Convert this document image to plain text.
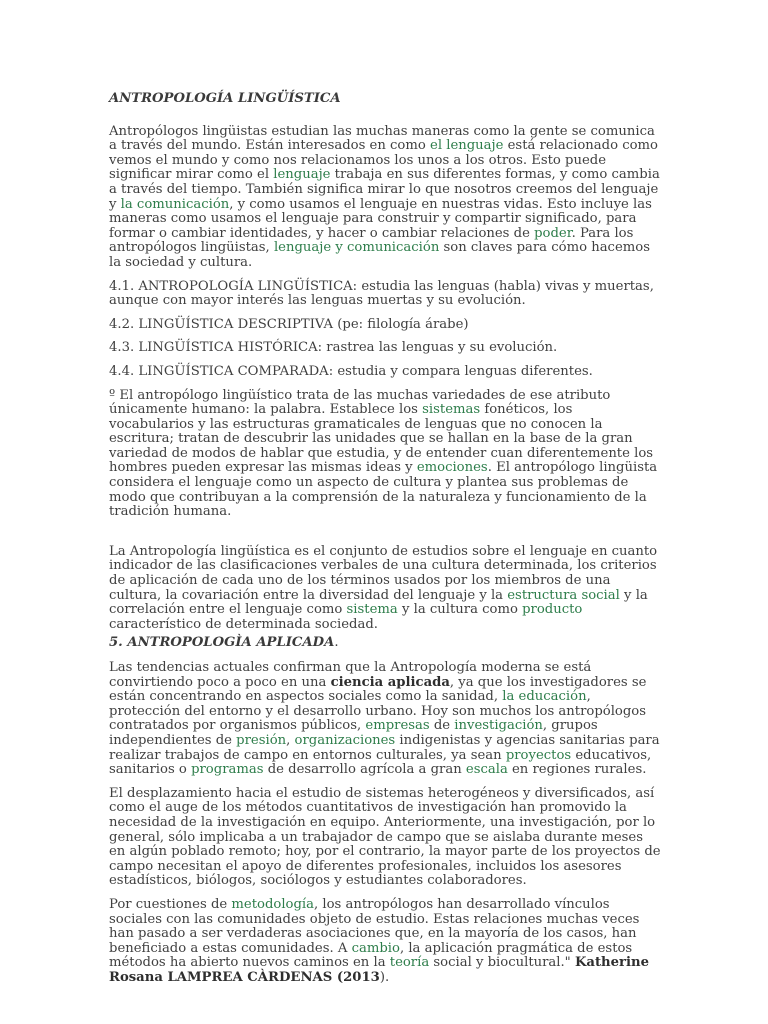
ANTROPOLOGÍA LINGÜÍSTICA

Antropólogos lingüistas estudian las muchas maneras como la gente se comunica a través del mundo. Están interesados en como el lenguaje está relacionado como vemos el mundo y como nos relacionamos los unos a los otros. Esto puede significar mirar como el lenguaje trabaja en sus diferentes formas, y como cambia a través del tiempo. También significa mirar lo que nosotros creemos del lenguaje y la comunicación, y como usamos el lenguaje en nuestras vidas. Esto incluye las maneras como usamos el lenguaje para construir y compartir significado, para formar o cambiar identidades, y hacer o cambiar relaciones de poder. Para los antropólogos lingüistas, lenguaje y comunicación son claves para cómo hacemos la sociedad y cultura.

4.1. ANTROPOLOGÍA LINGÜÍSTICA: estudia las lenguas (habla) vivas y muertas, aunque con mayor interés las lenguas muertas y su evolución.

4.2. LINGÜÍSTICA DESCRIPTIVA (pe: filología árabe)

4.3. LINGÜÍSTICA HISTÓRICA: rastrea las lenguas y su evolución.

4.4. LINGÜÍSTICA COMPARADA: estudia y compara lenguas diferentes.

º El antropólogo lingüístico trata de las muchas variedades de ese atributo únicamente humano: la palabra. Establece los sistemas fonéticos, los vocabularios y las estructuras gramaticales de lenguas que no conocen la escritura; tratan de descubrir las unidades que se hallan en la base de la gran variedad de modos de hablar que estudia, y de entender cuan diferentemente los hombres pueden expresar las mismas ideas y emociones. El antropólogo lingüista considera el lenguaje como un aspecto de cultura y plantea sus problemas de modo que contribuyan a la comprensión de la naturaleza y funcionamiento de la tradición humana.

La Antropología lingüística es el conjunto de estudios sobre el lenguaje en cuanto indicador de las clasificaciones verbales de una cultura determinada, los criterios de aplicación de cada uno de los términos usados por los miembros de una cultura, la covariación entre la diversidad del lenguaje y la estructura social y la correlación entre el lenguaje como sistema y la cultura como producto característico de determinada sociedad.

5. ANTROPOLOGÌA APLICADA.

Las tendencias actuales confirman que la Antropología moderna se está convirtiendo poco a poco en una ciencia aplicada, ya que los investigadores se están concentrando en aspectos sociales como la sanidad, la educación, protección del entorno y el desarrollo urbano. Hoy son muchos los antropólogos contratados por organismos públicos, empresas de investigación, grupos independientes de presión, organizaciones indigenistas y agencias sanitarias para realizar trabajos de campo en entornos culturales, ya sean proyectos educativos, sanitarios o programas de desarrollo agrícola a gran escala en regiones rurales.

El desplazamiento hacia el estudio de sistemas heterogéneos y diversificados, así como el auge de los métodos cuantitativos de investigación han promovido la necesidad de la investigación en equipo. Anteriormente, una investigación, por lo general, sólo implicaba a un trabajador de campo que se aislaba durante meses en algún poblado remoto; hoy, por el contrario, la mayor parte de los proyectos de campo necesitan el apoyo de diferentes profesionales, incluidos los asesores estadísticos, biólogos, sociólogos y estudiantes colaboradores.

Por cuestiones de metodología, los antropólogos han desarrollado vínculos sociales con las comunidades objeto de estudio. Estas relaciones muchas veces han pasado a ser verdaderas asociaciones que, en la mayoría de los casos, han beneficiado a estas comunidades. A cambio, la aplicación pragmática de estos métodos ha abierto nuevos caminos en la teoría social y biocultural." Katherine Rosana LAMPREA CÀRDENAS (2013).
